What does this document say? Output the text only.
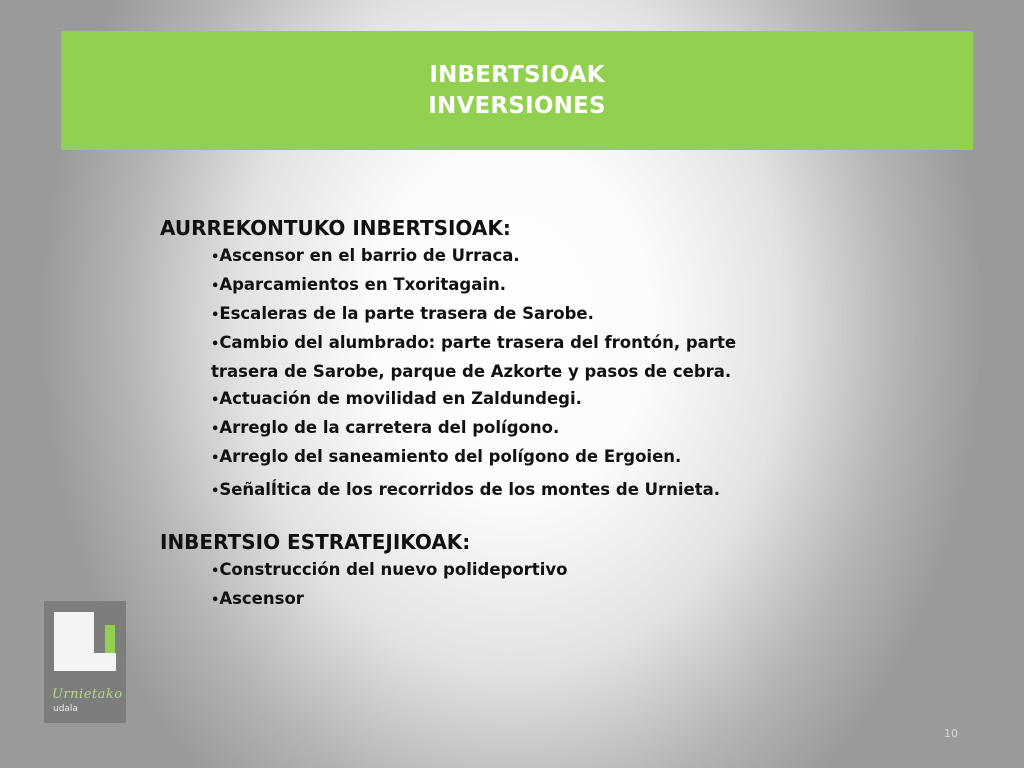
INBERTSIOAK
INVERSIONES

AURREKONTUKO INBERTSIOAK:

•Ascensor en el barrio de Urraca.
•Aparcamientos en Txoritagain.
•Escaleras de la parte trasera de Sarobe.
•Cambio del alumbrado: parte trasera del frontón, parte
trasera de Sarobe, parque de Azkorte y pasos de cebra.
•Actuación de movilidad en Zaldundegi.
•Arreglo de la carretera del polígono.
•Arreglo del saneamiento del polígono de Ergoien.
•SeñalÍtica de los recorridos de los montes de Urnieta.

INBERTSIO ESTRATEJIKOAK:

•Construcción del nuevo polideportivo
•Ascensor
Urnietako
udala
10
